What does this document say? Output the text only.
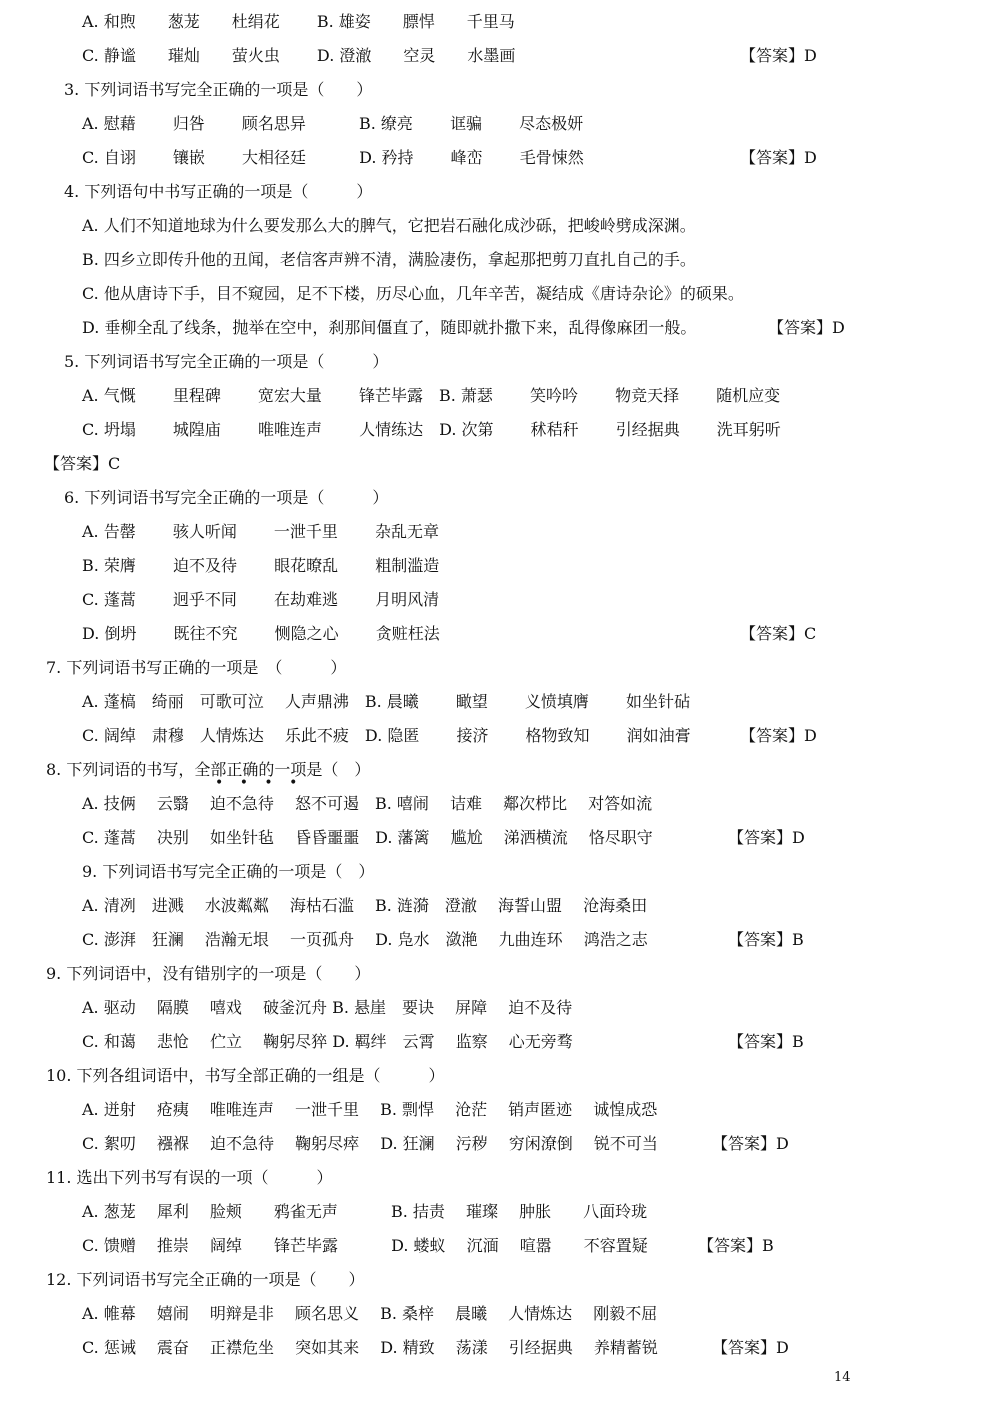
A. 和煦　　葱茏　　杜绢花　　 B. 雄姿　　膘悍　　千里马
C. 静谧　　璀灿　　萤火虫　　 D. 澄澈　　空灵　　水墨画	【答案】D
3. 下列词语书写完全正确的一项是（　　）
A. 慰藉　　 归咎　　 顾名思异　　　 B. 缭亮　　 诓骗　　 尽态极妍
C. 自诩　　 镶嵌　　 大相径廷　　　 D. 矜持　　 峰峦　　 毛骨悚然	【答案】D
4. 下列语句中书写正确的一项是（　　　）
A. 人们不知道地球为什么要发那么大的脾气，它把岩石融化成沙砾，把峻岭劈成深渊。
B. 四乡立即传升他的丑闻，老信客声辨不清，满脸凄伤，拿起那把剪刀直扎自己的手。
C. 他从唐诗下手，目不窥园，足不下楼，历尽心血，几年辛苦，凝结成《唐诗杂论》的硕果。
D. 垂柳全乱了线条，抛举在空中，刹那间僵直了，随即就扑撒下来，乱得像麻团一般。	【答案】D
5. 下列词语书写完全正确的一项是（　　　）
A. 气慨　　 里程碑　　 宽宏大量　　 锋芒毕露　B. 萧瑟　　 笑吟吟　　 物竞天择　　 随机应变
C. 坍塌　　 城隍庙　　 唯唯连声　　 人情练达　D. 次第　　 秫秸秆　　 引经据典　　 洗耳躬听
【答案】C
6. 下列词语书写完全正确的一项是（　　　）
A. 告罄　　 骇人听闻　　 一泄千里　　 杂乱无章
B. 荣膺　　 迫不及待　　 眼花暸乱　　 粗制滥造
C. 蓬蒿　　 迥乎不同　　 在劫难逃　　 月明风清
D. 倒坍　　 既往不究　　 恻隐之心　　 贪赃枉法	【答案】C
7. 下列词语书写正确的一项是　（　　　）
A. 蓬槁　绮丽　可歌可泣　 人声鼎沸　B. 晨曦　　 瞰望　　 义愤填膺　　 如坐针砧
C. 阔绰　肃穆　人情炼达　 乐此不疲　D. 隐匿　　 接济　　 格物致知　　 润如油膏	【答案】D
8. 下列词语的书写，全部正确的一项是（　）
A. 技俩　 云翳　 迫不急待　 怒不可遏　B. 嘻闹　 诘难　 鄰次栉比　 对答如流
C. 蓬蒿　 决别　 如坐针毡　 昏昏噩噩　D. 藩篱　 尴尬　 涕洒横流　 恪尽职守	【答案】D
9. 下列词语书写完全正确的一项是（　）
A. 清冽　进溅　 水波粼粼　 海枯石滥　 B. 涟漪　澄澈　 海誓山盟　 沧海桑田
C. 澎湃　狂澜　 浩瀚无垠　 一页孤舟　 D. 凫水　潋滟　 九曲连环　 鸿浩之志	【答案】B
9. 下列词语中，没有错别字的一项是（　　）
A. 驱动　 隔膜　 嘻戏　 破釜沉舟 B. 悬崖　要诀　 屏障　 迫不及待
C. 和蔼　 悲怆　 伫立　 鞠躬尽猝 D. 羁绊　云霄　 监察　 心无旁骛	【答案】B
10. 下列各组词语中，书写全部正确的一组是（　　　）
A. 迸射　 疮痍　 唯唯连声　 一泄千里　 B. 剽悍　 沧茫　 销声匿迹　 诚惶成恐
C. 絮叨　 襁褓　 迫不急待　 鞠躬尽瘁　 D. 狂澜　 污秽　 穷闲潦倒　 锐不可当	【答案】D
11. 选出下列书写有误的一项（　　　）
A. 葱茏　 犀利　 脸颊　　鸦雀无声　　　 B. 拮责　 璀璨　 肿胀　　八面玲珑
C. 馈赠　 推崇　 阔绰　　锋芒毕露　　　 D. 蝼蚁　 沉湎　 喧嚣　　不容置疑	【答案】B
12. 下列词语书写完全正确的一项是（　　）
A. 帷幕　 嬉闹　 明辩是非　 顾名思义　 B. 桑梓　 晨曦　 人情炼达　 刚毅不屈
C. 惩诫　 震奋　 正襟危坐　 突如其来　 D. 精致　 荡漾　 引经据典　 养精蓄锐	【答案】D
• • • •
14
